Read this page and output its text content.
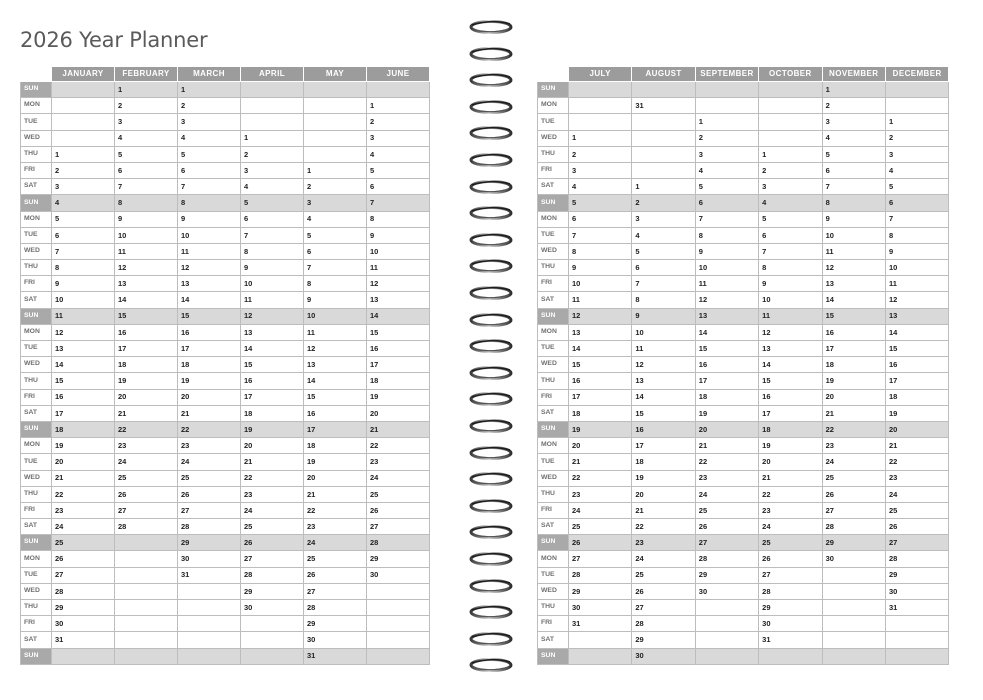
2026 Year Planner
	JANUARY	FEBRUARY	MARCH	APRIL	MAY	JUNE
SUN		1	1			
MON		2	2			1
TUE		3	3			2
WED		4	4	1		3
THU	1	5	5	2		4
FRI	2	6	6	3	1	5
SAT	3	7	7	4	2	6
SUN	4	8	8	5	3	7
MON	5	9	9	6	4	8
TUE	6	10	10	7	5	9
WED	7	11	11	8	6	10
THU	8	12	12	9	7	11
FRI	9	13	13	10	8	12
SAT	10	14	14	11	9	13
SUN	11	15	15	12	10	14
MON	12	16	16	13	11	15
TUE	13	17	17	14	12	16
WED	14	18	18	15	13	17
THU	15	19	19	16	14	18
FRI	16	20	20	17	15	19
SAT	17	21	21	18	16	20
SUN	18	22	22	19	17	21
MON	19	23	23	20	18	22
TUE	20	24	24	21	19	23
WED	21	25	25	22	20	24
THU	22	26	26	23	21	25
FRI	23	27	27	24	22	26
SAT	24	28	28	25	23	27
SUN	25		29	26	24	28
MON	26		30	27	25	29
TUE	27		31	28	26	30
WED	28			29	27	
THU	29			30	28	
FRI	30				29	
SAT	31				30	
SUN					31	
	JULY	AUGUST	SEPTEMBER	OCTOBER	NOVEMBER	DECEMBER
SUN					1	
MON		31			2	
TUE			1		3	1
WED	1		2		4	2
THU	2		3	1	5	3
FRI	3		4	2	6	4
SAT	4	1	5	3	7	5
SUN	5	2	6	4	8	6
MON	6	3	7	5	9	7
TUE	7	4	8	6	10	8
WED	8	5	9	7	11	9
THU	9	6	10	8	12	10
FRI	10	7	11	9	13	11
SAT	11	8	12	10	14	12
SUN	12	9	13	11	15	13
MON	13	10	14	12	16	14
TUE	14	11	15	13	17	15
WED	15	12	16	14	18	16
THU	16	13	17	15	19	17
FRI	17	14	18	16	20	18
SAT	18	15	19	17	21	19
SUN	19	16	20	18	22	20
MON	20	17	21	19	23	21
TUE	21	18	22	20	24	22
WED	22	19	23	21	25	23
THU	23	20	24	22	26	24
FRI	24	21	25	23	27	25
SAT	25	22	26	24	28	26
SUN	26	23	27	25	29	27
MON	27	24	28	26	30	28
TUE	28	25	29	27		29
WED	29	26	30	28		30
THU	30	27		29		31
FRI	31	28		30		
SAT		29		31		
SUN		30				
